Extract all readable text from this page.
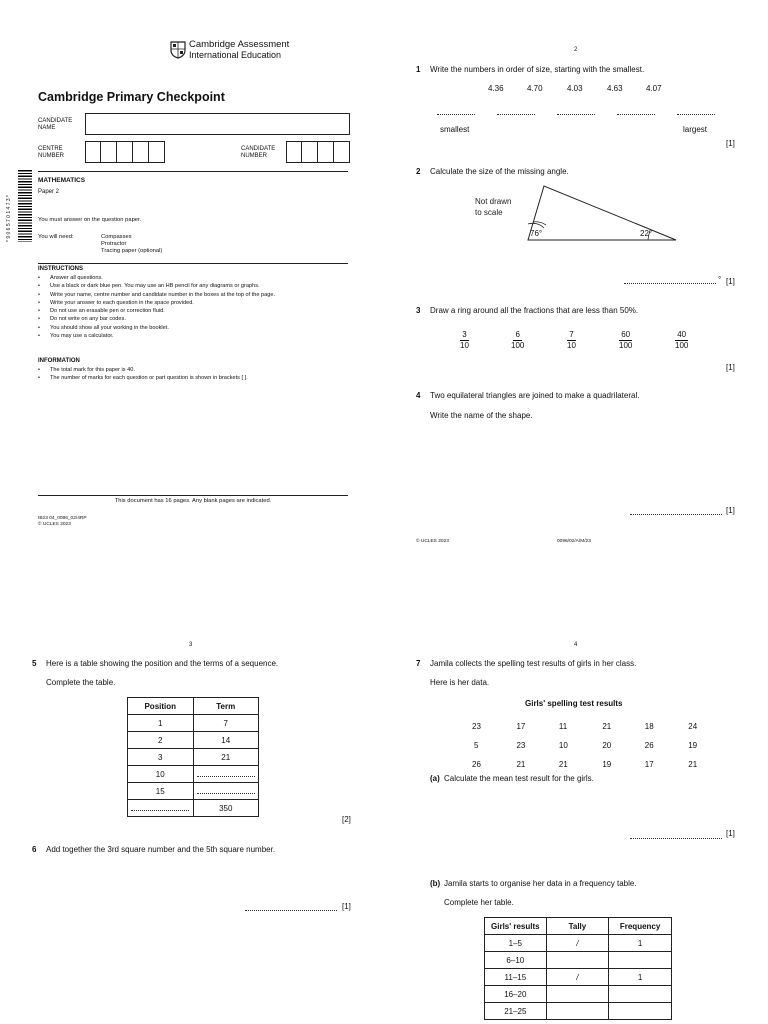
Cambridge Assessment
International Education
Cambridge Primary Checkpoint
CANDIDATE NAME
CENTRE NUMBER
CANDIDATE NUMBER
* 9 0 6 5 7 0 1 4 7 3 *
MATHEMATICS
Paper 2
You must answer on the question paper.
You will need:	Compasses
Protractor
Tracing paper (optional)
INSTRUCTIONS
• Answer all questions.
• Use a black or dark blue pen. You may use an HB pencil for any diagrams or graphs.
• Write your name, centre number and candidate number in the boxes at the top of the page.
• Write your answer to each question in the space provided.
• Do not use an erasable pen or correction fluid.
• Do not write on any bar codes.
• You should show all your working in the booklet.
• You may use a calculator.
INFORMATION
• The total mark for this paper is 40.
• The number of marks for each question or part question is shown in brackets [ ].
This document has 16 pages. Any blank pages are indicated.
IB23 04_0096_02/4RP
© UCLES 2023
2
1 Write the numbers in order of size, starting with the smallest.
4.36	4.70	4.03	4.63	4.07
smallest	largest
[1]
2 Calculate the size of the missing angle.
Not drawn
to scale
76°	22°
° [1]
3 Draw a ring around all the fractions that are less than 50%.
$\frac{3}{10}$	$\frac{6}{100}$	$\frac{7}{10}$	$\frac{60}{100}$	$\frac{40}{100}$
[1]
4 Two equilateral triangles are joined to make a quadrilateral.
Write the name of the shape.
[1]
© UCLES 2023	0096/02/A/M/23
3
5 Here is a table showing the position and the terms of a sequence.
Complete the table.
Position	Term
1	7
2	14
3	21
10	
15	
	350
[2]
6 Add together the 3rd square number and the 5th square number.
[1]
4
7 Jamila collects the spelling test results of girls in her class.
Here is her data.
Girls' spelling test results
23	17	11	21	18	24
5	23	10	20	26	19
26	21	21	19	17	21
(a) Calculate the mean test result for the girls.
[1]
(b) Jamila starts to organise her data in a frequency table.
Complete her table.
Girls' results	Tally	Frequency
1–5	/	1
6–10		
11–15	/	1
16–20		
21–25		
